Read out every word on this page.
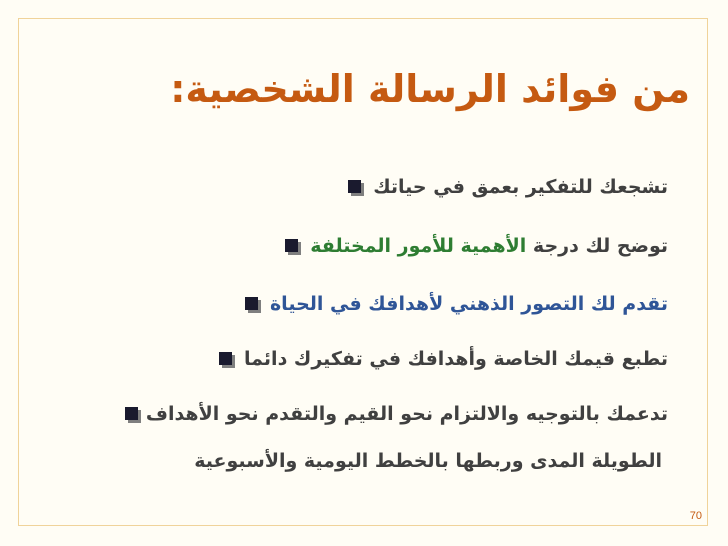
من فوائد الرسالة الشخصية:
تشجعك للتفكير بعمق في حياتك
توضح لك درجة الأهمية للأمور المختلفة
تقدم لك التصور الذهني لأهدافك في الحياة
تطبع قيمك الخاصة وأهدافك في تفكيرك دائما
تدعمك بالتوجيه والالتزام نحو القيم والتقدم نحو الأهداف
الطويلة المدى وربطها بالخطط اليومية والأسبوعية
70
